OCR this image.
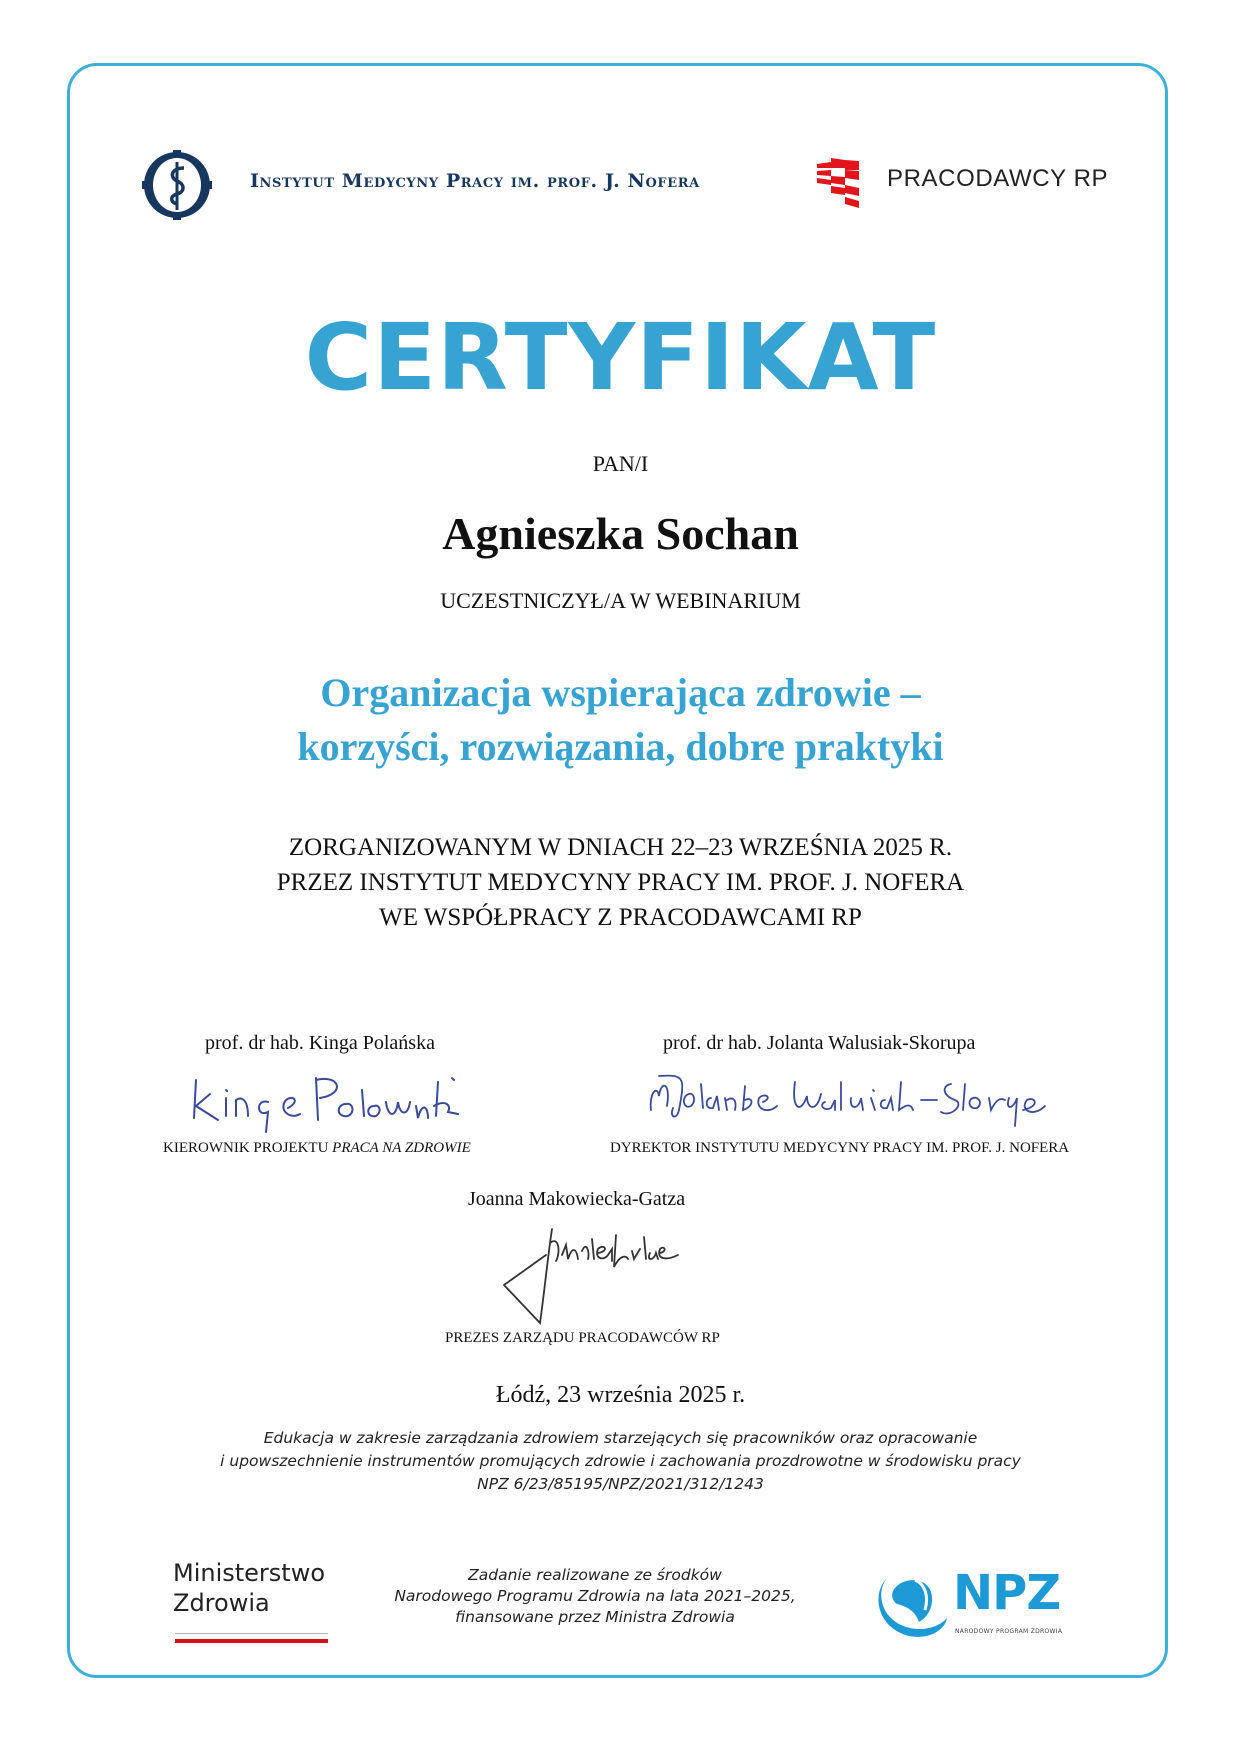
Instytut Medycyny Pracy im. prof. J. Nofera	PRACODAWCY RP
CERTYFIKAT
PAN/I
Agnieszka Sochan
UCZESTNICZYŁ/A W WEBINARIUM
Organizacja wspierająca zdrowie –
korzyści, rozwiązania, dobre praktyki
ZORGANIZOWANYM W DNIACH 22–23 WRZEŚNIA 2025 R.
PRZEZ INSTYTUT MEDYCYNY PRACY IM. PROF. J. NOFERA
WE WSPÓŁPRACY Z PRACODAWCAMI RP
prof. dr hab. Kinga Polańska
KIEROWNIK PROJEKTU PRACA NA ZDROWIE
prof. dr hab. Jolanta Walusiak-Skorupa
DYREKTOR INSTYTUTU MEDYCYNY PRACY IM. PROF. J. NOFERA
Joanna Makowiecka-Gatza
PREZES ZARZĄDU PRACODAWCÓW RP
Łódź, 23 września 2025 r.
Edukacja w zakresie zarządzania zdrowiem starzejących się pracowników oraz opracowanie
i upowszechnienie instrumentów promujących zdrowie i zachowania prozdrowotne w środowisku pracy
NPZ 6/23/85195/NPZ/2021/312/1243
Ministerstwo
Zdrowia
Zadanie realizowane ze środków
Narodowego Programu Zdrowia na lata 2021–2025,
finansowane przez Ministra Zdrowia	NPZ
NARODOWY PROGRAM ZDROWIA
